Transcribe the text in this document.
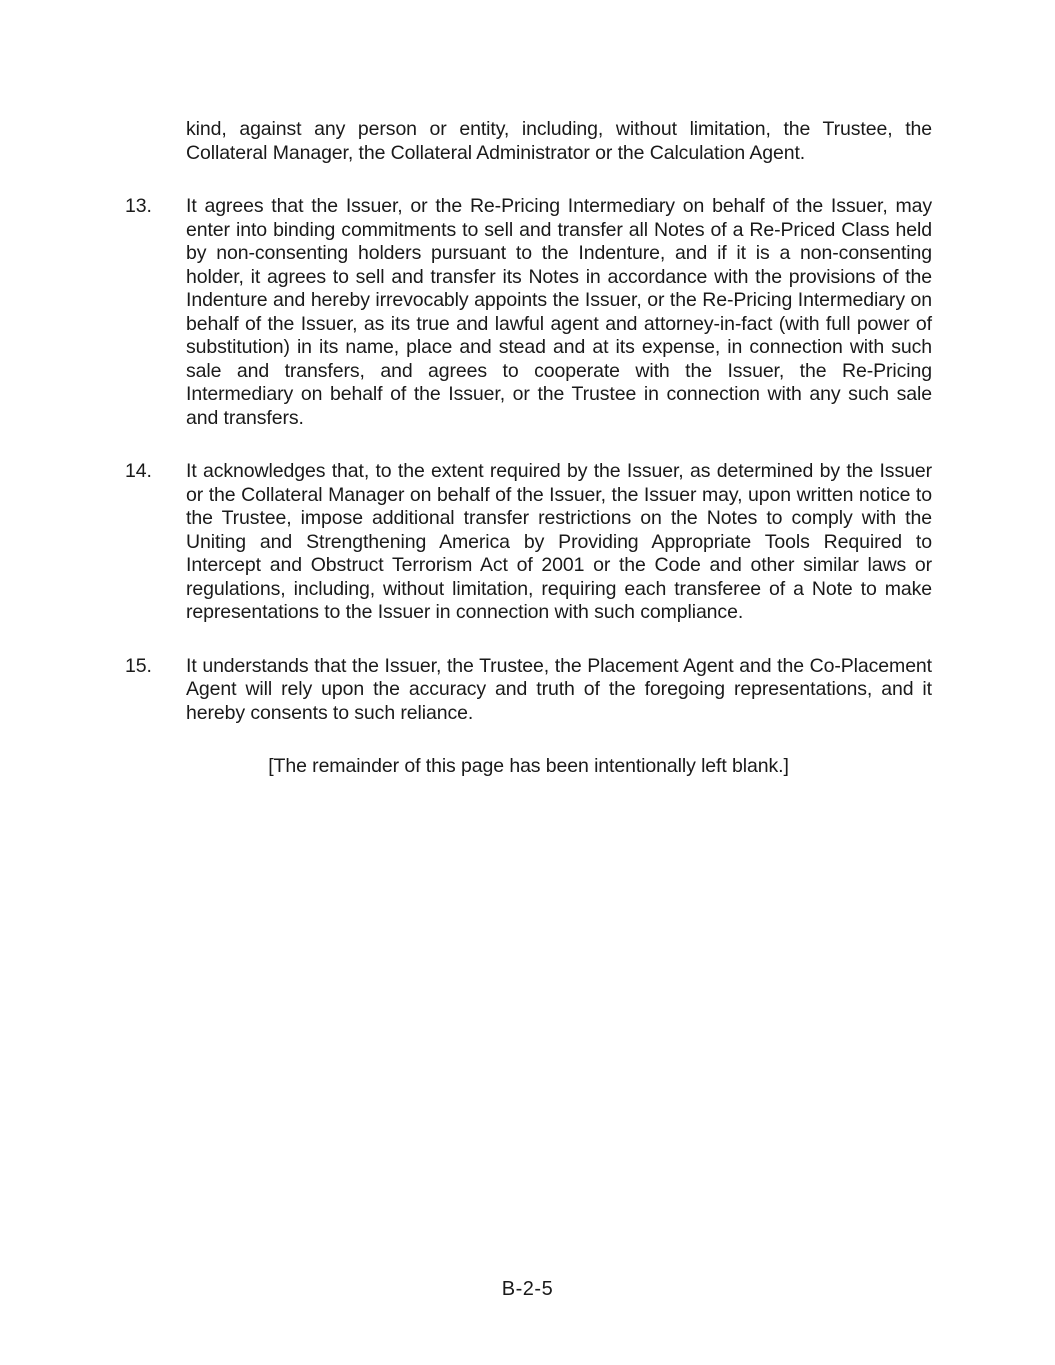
kind, against any person or entity, including, without limitation, the Trustee, the Collateral Manager, the Collateral Administrator or the Calculation Agent.

13.	It agrees that the Issuer, or the Re-Pricing Intermediary on behalf of the Issuer, may enter into binding commitments to sell and transfer all Notes of a Re-Priced Class held by non-consenting holders pursuant to the Indenture, and if it is a non-consenting holder, it agrees to sell and transfer its Notes in accordance with the provisions of the Indenture and hereby irrevocably appoints the Issuer, or the Re-Pricing Intermediary on behalf of the Issuer, as its true and lawful agent and attorney-in-fact (with full power of substitution) in its name, place and stead and at its expense, in connection with such sale and transfers, and agrees to cooperate with the Issuer, the Re-Pricing Intermediary on behalf of the Issuer, or the Trustee in connection with any such sale and transfers.
14.	It acknowledges that, to the extent required by the Issuer, as determined by the Issuer or the Collateral Manager on behalf of the Issuer, the Issuer may, upon written notice to the Trustee, impose additional transfer restrictions on the Notes to comply with the Uniting and Strengthening America by Providing Appropriate Tools Required to Intercept and Obstruct Terrorism Act of 2001 or the Code and other similar laws or regulations, including, without limitation, requiring each transferee of a Note to make representations to the Issuer in connection with such compliance.
15.	It understands that the Issuer, the Trustee, the Placement Agent and the Co-Placement Agent will rely upon the accuracy and truth of the foregoing representations, and it hereby consents to such reliance.

[The remainder of this page has been intentionally left blank.]

B-2-5
